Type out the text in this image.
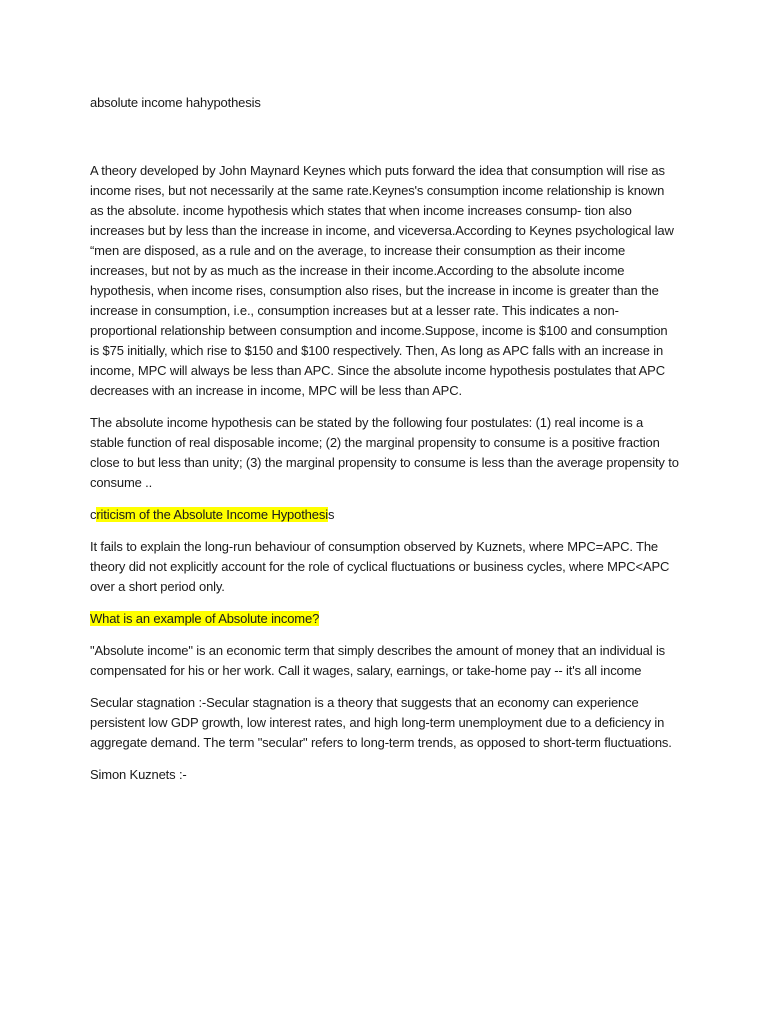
absolute income hahypothesis

A theory developed by John Maynard Keynes which puts forward the idea that consumption will rise as income rises, but not necessarily at the same rate.Keynes's consumption income relationship is known as the absolute. income hypothesis which states that when income increases consump- tion also increases but by less than the increase in income, and viceversa.According to Keynes psychological law “men are disposed, as a rule and on the average, to increase their consumption as their income increases, but not by as much as the increase in their income.According to the absolute income hypothesis, when income rises, consumption also rises, but the increase in income is greater than the increase in consumption, i.e., consumption increases but at a lesser rate. This indicates a non-proportional relationship between consumption and income.Suppose, income is $100 and consumption is $75 initially, which rise to $150 and $100 respectively. Then, As long as APC falls with an increase in income, MPC will always be less than APC. Since the absolute income hypothesis postulates that APC decreases with an increase in income, MPC will be less than APC.

The absolute income hypothesis can be stated by the following four postulates: (1) real income is a stable function of real disposable income; (2) the marginal propensity to consume is a positive fraction close to but less than unity; (3) the marginal propensity to consume is less than the average propensity to consume ..

criticism of the Absolute Income Hypothesis

It fails to explain the long-run behaviour of consumption observed by Kuznets, where MPC=APC. The theory did not explicitly account for the role of cyclical fluctuations or business cycles, where MPC<APC over a short period only.

What is an example of Absolute income?

"Absolute income" is an economic term that simply describes the amount of money that an individual is compensated for his or her work. Call it wages, salary, earnings, or take-home pay -- it's all income

Secular stagnation :-Secular stagnation is a theory that suggests that an economy can experience persistent low GDP growth, low interest rates, and high long-term unemployment due to a deficiency in aggregate demand. The term "secular" refers to long-term trends, as opposed to short-term fluctuations.

Simon Kuznets :-
